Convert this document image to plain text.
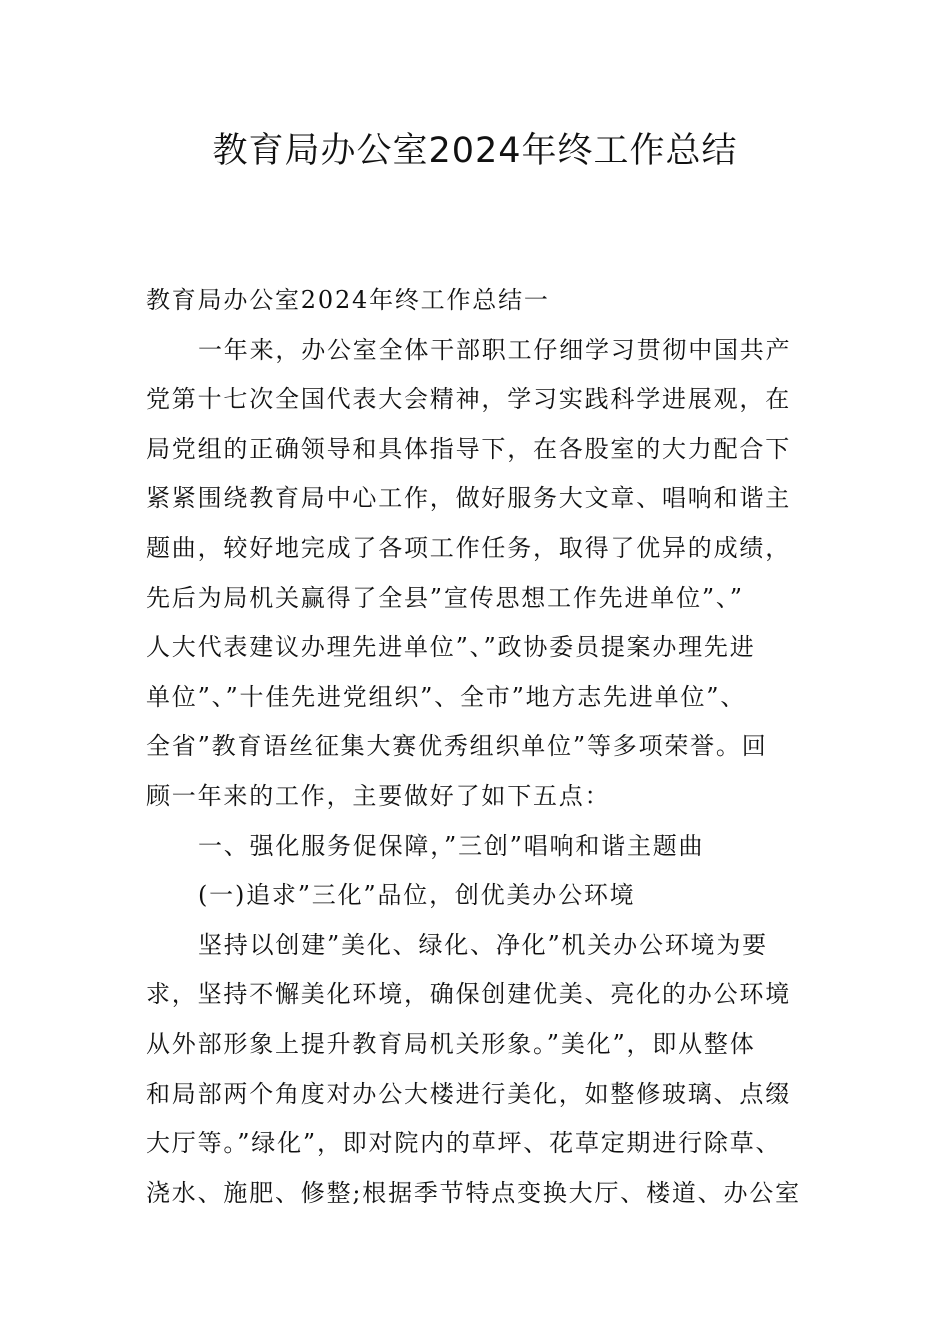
教育局办公室2024年终工作总结
教育局办公室2024年终工作总结一
一年来，办公室全体干部职工仔细学习贯彻中国共产
党第十七次全国代表大会精神，学习实践科学进展观，在
局党组的正确领导和具体指导下，在各股室的大力配合下
紧紧围绕教育局中心工作，做好服务大文章、唱响和谐主
题曲，较好地完成了各项工作任务，取得了优异的成绩，
先后为局机关赢得了全县”宣传思想工作先进单位”、”
人大代表建议办理先进单位”、”政协委员提案办理先进
单位”、”十佳先进党组织”、全市”地方志先进单位”、
全省”教育语丝征集大赛优秀组织单位”等多项荣誉。回
顾一年来的工作，主要做好了如下五点：
一、强化服务促保障，”三创”唱响和谐主题曲
(一)追求”三化”品位，创优美办公环境
坚持以创建”美化、绿化、净化”机关办公环境为要
求，坚持不懈美化环境，确保创建优美、亮化的办公环境
从外部形象上提升教育局机关形象。”美化”，即从整体
和局部两个角度对办公大楼进行美化，如整修玻璃、点缀
大厅等。”绿化”，即对院内的草坪、花草定期进行除草、
浇水、施肥、修整;根据季节特点变换大厅、楼道、办公室
